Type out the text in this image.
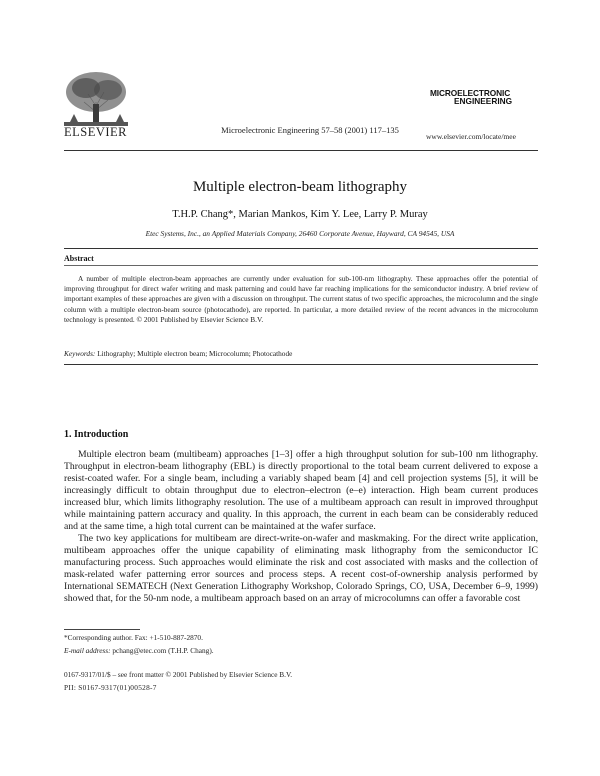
ELSEVIER	Microelectronic Engineering 57–58 (2001) 117–135
MICROELECTRONIC
ENGINEERING
www.elsevier.com/locate/mee
Multiple electron-beam lithography
T.H.P. Chang*, Marian Mankos, Kim Y. Lee, Larry P. Muray
Etec Systems, Inc., an Applied Materials Company, 26460 Corporate Avenue, Hayward, CA 94545, USA
Abstract
A number of multiple electron-beam approaches are currently under evaluation for sub-100-nm lithography. These approaches offer the potential of improving throughput for direct wafer writing and mask patterning and could have far reaching implications for the semiconductor industry. A brief review of important examples of these approaches are given with a discussion on throughput. The current status of two specific approaches, the microcolumn and the single column with a multiple electron-beam source (photocathode), are reported. In particular, a more detailed review of the recent advances in the microcolumn technology is presented. © 2001 Published by Elsevier Science B.V.
Keywords: Lithography; Multiple electron beam; Microcolumn; Photocathode
1. Introduction

Multiple electron beam (multibeam) approaches [1–3] offer a high throughput solution for sub-100 nm lithography. Throughput in electron-beam lithography (EBL) is directly proportional to the total beam current delivered to expose a resist-coated wafer. For a single beam, including a variably shaped beam [4] and cell projection systems [5], it will be increasingly difficult to obtain throughput due to electron–electron (e–e) interaction. High beam current produces increased blur, which limits lithography resolution. The use of a multibeam approach can result in improved throughput while maintaining pattern accuracy and quality. In this approach, the current in each beam can be considerably reduced and at the same time, a high total current can be maintained at the wafer surface.

The two key applications for multibeam are direct-write-on-wafer and maskmaking. For the direct write application, multibeam approaches offer the unique capability of eliminating mask lithography from the semiconductor IC manufacturing process. Such approaches would eliminate the risk and cost associated with masks and the collection of mask-related wafer patterning error sources and process steps. A recent cost-of-ownership analysis performed by International SEMATECH (Next Generation Lithography Workshop, Colorado Springs, CO, USA, December 6–9, 1999) showed that, for the 50-nm node, a multibeam approach based on an array of microcolumns can offer a favorable cost

*Corresponding author. Fax: +1-510-887-2870.
E-mail address: pchang@etec.com (T.H.P. Chang).
0167-9317/01/$ – see front matter © 2001 Published by Elsevier Science B.V.
PII: S0167-9317(01)00528-7
